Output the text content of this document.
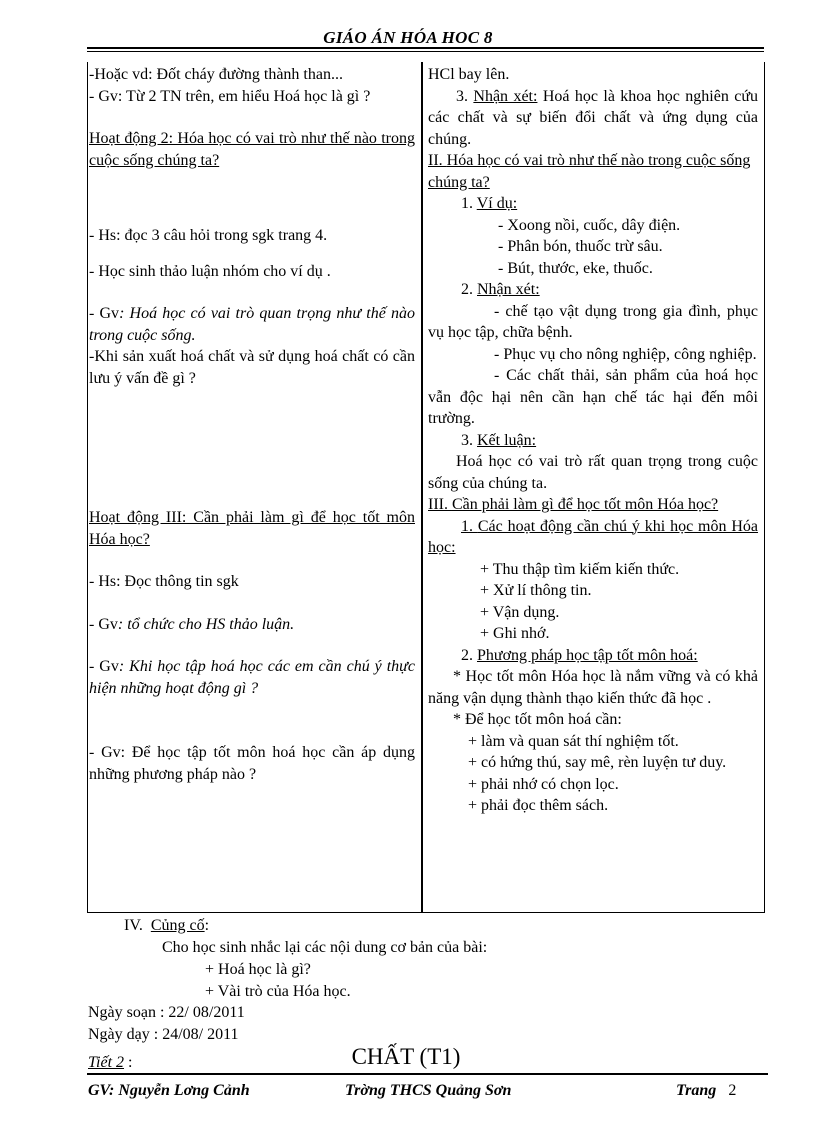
GIÁO ÁN HÓA HOC 8

-Hoặc vd: Đốt cháy đường thành than...

- Gv: Từ 2 TN trên, em hiểu Hoá học là gì ?

Hoạt động 2: Hóa học có vai trò như thế nào trong cuộc sống chúng ta?

- Hs: đọc 3 câu hỏi trong sgk trang 4.

- Học sinh thảo luận nhóm cho ví dụ .

- Gv: Hoá học có vai trò quan trọng như thế nào trong cuộc sống.

-Khi sản xuất hoá chất và sử dụng hoá chất có cần lưu ý vấn đề gì ?

Hoạt động III: Cần phải làm gì để học tốt môn Hóa học?

- Hs: Đọc thông tin sgk

- Gv: tổ chức cho HS thảo luận.

- Gv: Khi học tập hoá học các em cần chú ý thực hiện những hoạt động gì ?

- Gv: Để học tập tốt môn hoá học cần áp dụng những phương pháp nào ?

HCl bay lên.

3. Nhận xét: Hoá học là khoa học nghiên cứu các chất và sự biến đổi chất và ứng dụng của chúng.

II. Hóa học có vai trò như thế nào trong cuộc sống chúng ta?

1. Ví dụ:

- Xoong nồi, cuốc, dây điện.

- Phân bón, thuốc trừ sâu.

- Bút, thước, eke, thuốc.

2. Nhận xét:

- chế tạo vật dụng trong gia đình, phục vụ học tập, chữa bệnh.

- Phục vụ cho nông nghiệp, công nghiệp.

- Các chất thải, sản phẩm của hoá học vẫn độc hại nên cần hạn chế tác hại đến môi trường.

3. Kết luận:

Hoá học có vai trò rất quan trọng trong cuộc sống của chúng ta.

III. Cần phải làm gì để học tốt môn Hóa học?

1. Các hoạt động cần chú ý khi học môn Hóa học:

+ Thu thập tìm kiếm kiến thức.

+ Xử lí thông tin.

+ Vận dụng.

+ Ghi nhớ.

2. Phương pháp học tập tốt môn hoá:

* Học tốt môn Hóa học là nắm vững và có khả năng vận dụng thành thạo kiến thức đã học .

* Để học tốt môn hoá cần:

+ làm và quan sát thí nghiệm tốt.

+ có hứng thú, say mê, rèn luyện tư duy.

+ phải nhớ có chọn lọc.

+ phải đọc thêm sách.

IV. Củng cố:
Cho học sinh nhắc lại các nội dung cơ bản của bài:
+ Hoá học là gì?
+ Vài trò của Hóa học.
Ngày soạn : 22/ 08/2011
Ngày dạy : 24/08/ 2011
Tiết 2 :	CHẤT (T1)
GV: Nguyễn Lơng Cảnh	Trờng THCS Quảng Sơn	Trang 2
